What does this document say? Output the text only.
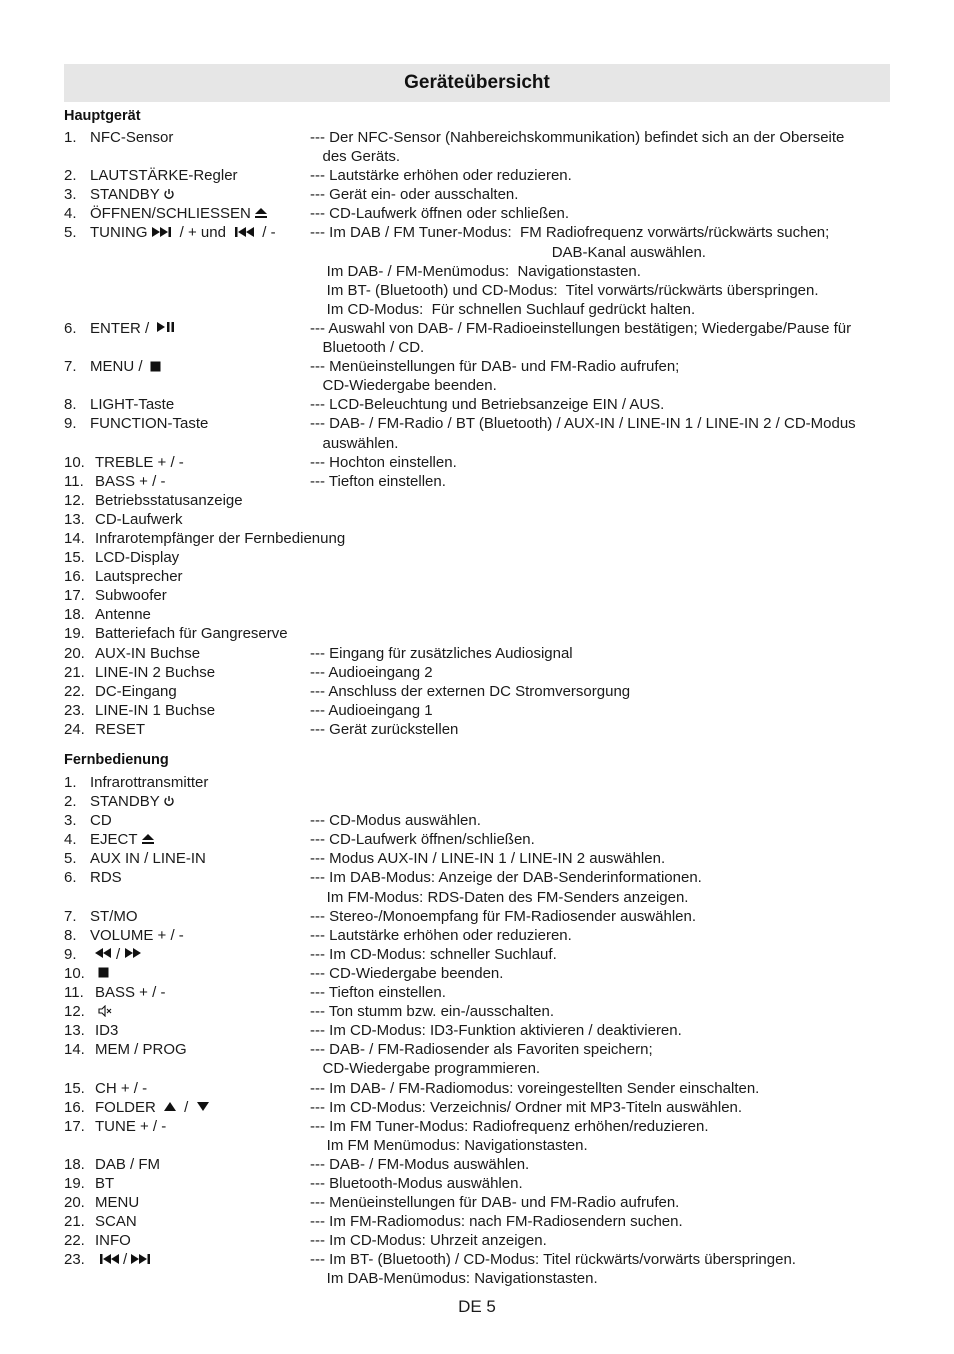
Geräteübersicht
Hauptgerät
1. NFC-Sensor	--- Der NFC-Sensor (Nahbereichskommunikation) befindet sich an der Oberseite
des Geräts.
2. LAUTSTÄRKE-Regler	--- Lautstärke erhöhen oder reduzieren.
3. STANDBY	--- Gerät ein- oder ausschalten.
4. ÖFFNEN/SCHLIESSEN	--- CD-Laufwerk öffnen oder schließen.
5. TUNING / + und  / - --- Im DAB / FM Tuner-Modus:  FM Radiofrequenz vorwärts/rückwärts suchen;
DAB-Kanal auswählen.
Im DAB- / FM-Menümodus:  Navigationstasten.
Im BT- (Bluetooth) und CD-Modus:  Titel vorwärts/rückwärts überspringen.
Im CD-Modus:  Für schnellen Suchlauf gedrückt halten.
6. ENTER /	--- Auswahl von DAB- / FM-Radioeinstellungen bestätigen; Wiedergabe/Pause für
Bluetooth / CD.
7. MENU /	--- Menüeinstellungen für DAB- und FM-Radio aufrufen;
CD-Wiedergabe beenden.
8. LIGHT-Taste	--- LCD-Beleuchtung und Betriebsanzeige EIN / AUS.
9. FUNCTION-Taste	--- DAB- / FM-Radio / BT (Bluetooth) / AUX-IN / LINE-IN 1 / LINE-IN 2 / CD-Modus
auswählen.
10. TREBLE + / -	--- Hochton einstellen.
11. BASS + / -	--- Tiefton einstellen.
12. Betriebsstatusanzeige

13. CD-Laufwerk

14. Infrarotempfänger der Fernbedienung

15. LCD-Display

16. Lautsprecher

17. Subwoofer

18. Antenne

19. Batteriefach für Gangreserve

20. AUX-IN Buchse	--- Eingang für zusätzliches Audiosignal
21. LINE-IN 2 Buchse	--- Audioeingang 2
22. DC-Eingang	--- Anschluss der externen DC Stromversorgung
23. LINE-IN 1 Buchse	--- Audioeingang 1
24. RESET	--- Gerät zurückstellen
Fernbedienung
1. Infrarottransmitter

2. STANDBY

3. CD	--- CD-Modus auswählen.
4. EJECT	--- CD-Laufwerk öffnen/schließen.
5. AUX IN / LINE-IN	--- Modus AUX-IN / LINE-IN 1 / LINE-IN 2 auswählen.
6. RDS	--- Im DAB-Modus: Anzeige der DAB-Senderinformationen.
Im FM-Modus: RDS-Daten des FM-Senders anzeigen.
7. ST/MO	--- Stereo-/Monoempfang für FM-Radiosender auswählen.
8. VOLUME + / -	--- Lautstärke erhöhen oder reduzieren.
9.	/	--- Im CD-Modus: schneller Suchlauf.
10.	--- CD-Wiedergabe beenden.
11. BASS + / -	--- Tiefton einstellen.
12.	--- Ton stumm bzw. ein-/ausschalten.
13. ID3	--- Im CD-Modus: ID3-Funktion aktivieren / deaktivieren.
14. MEM / PROG	--- DAB- / FM-Radiosender als Favoriten speichern;
CD-Wiedergabe programmieren.
15. CH + / -	--- Im DAB- / FM-Radiomodus: voreingestellten Sender einschalten.
16. FOLDER  /	--- Im CD-Modus: Verzeichnis/ Ordner mit MP3-Titeln auswählen.
17. TUNE + / -	--- Im FM Tuner-Modus: Radiofrequenz erhöhen/reduzieren.
Im FM Menümodus: Navigationstasten.
18. DAB / FM	--- DAB- / FM-Modus auswählen.
19. BT	--- Bluetooth-Modus auswählen.
20. MENU	--- Menüeinstellungen für DAB- und FM-Radio aufrufen.
21. SCAN	--- Im FM-Radiomodus: nach FM-Radiosendern suchen.
22. INFO	--- Im CD-Modus: Uhrzeit anzeigen.
23.	/	--- Im BT- (Bluetooth) / CD-Modus: Titel rückwärts/vorwärts überspringen.
Im DAB-Menümodus: Navigationstasten.
DE 5
